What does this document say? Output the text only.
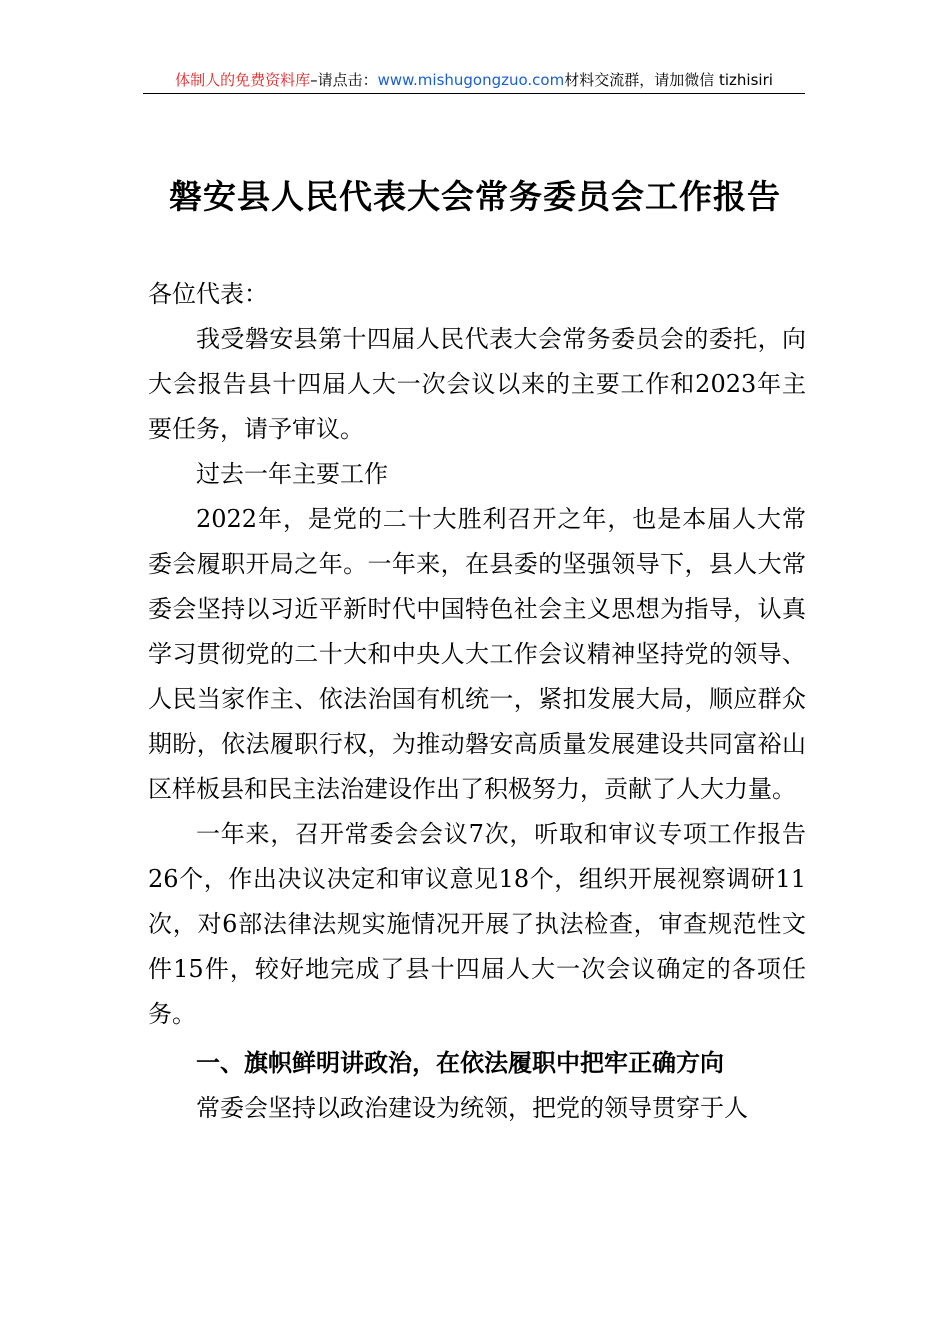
体制人的免费资料库–请点击：www.mishugongzuo.com材料交流群，请加微信 tizhisiri
磐安县人民代表大会常务委员会工作报告

各位代表：

我受磐安县第十四届人民代表大会常务委员会的委托，向大会报告县十四届人大一次会议以来的主要工作和2023年主要任务，请予审议。

过去一年主要工作

2022年，是党的二十大胜利召开之年，也是本届人大常委会履职开局之年。一年来，在县委的坚强领导下，县人大常委会坚持以习近平新时代中国特色社会主义思想为指导，认真学习贯彻党的二十大和中央人大工作会议精神坚持党的领导、人民当家作主、依法治国有机统一，紧扣发展大局，顺应群众期盼，依法履职行权，为推动磐安高质量发展建设共同富裕山区样板县和民主法治建设作出了积极努力，贡献了人大力量。

一年来，召开常委会会议7次，听取和审议专项工作报告26个，作出决议决定和审议意见18个，组织开展视察调研11次，对6部法律法规实施情况开展了执法检查，审查规范性文件15件，较好地完成了县十四届人大一次会议确定的各项任务。

一、旗帜鲜明讲政治，在依法履职中把牢正确方向

常委会坚持以政治建设为统领，把党的领导贯穿于人
